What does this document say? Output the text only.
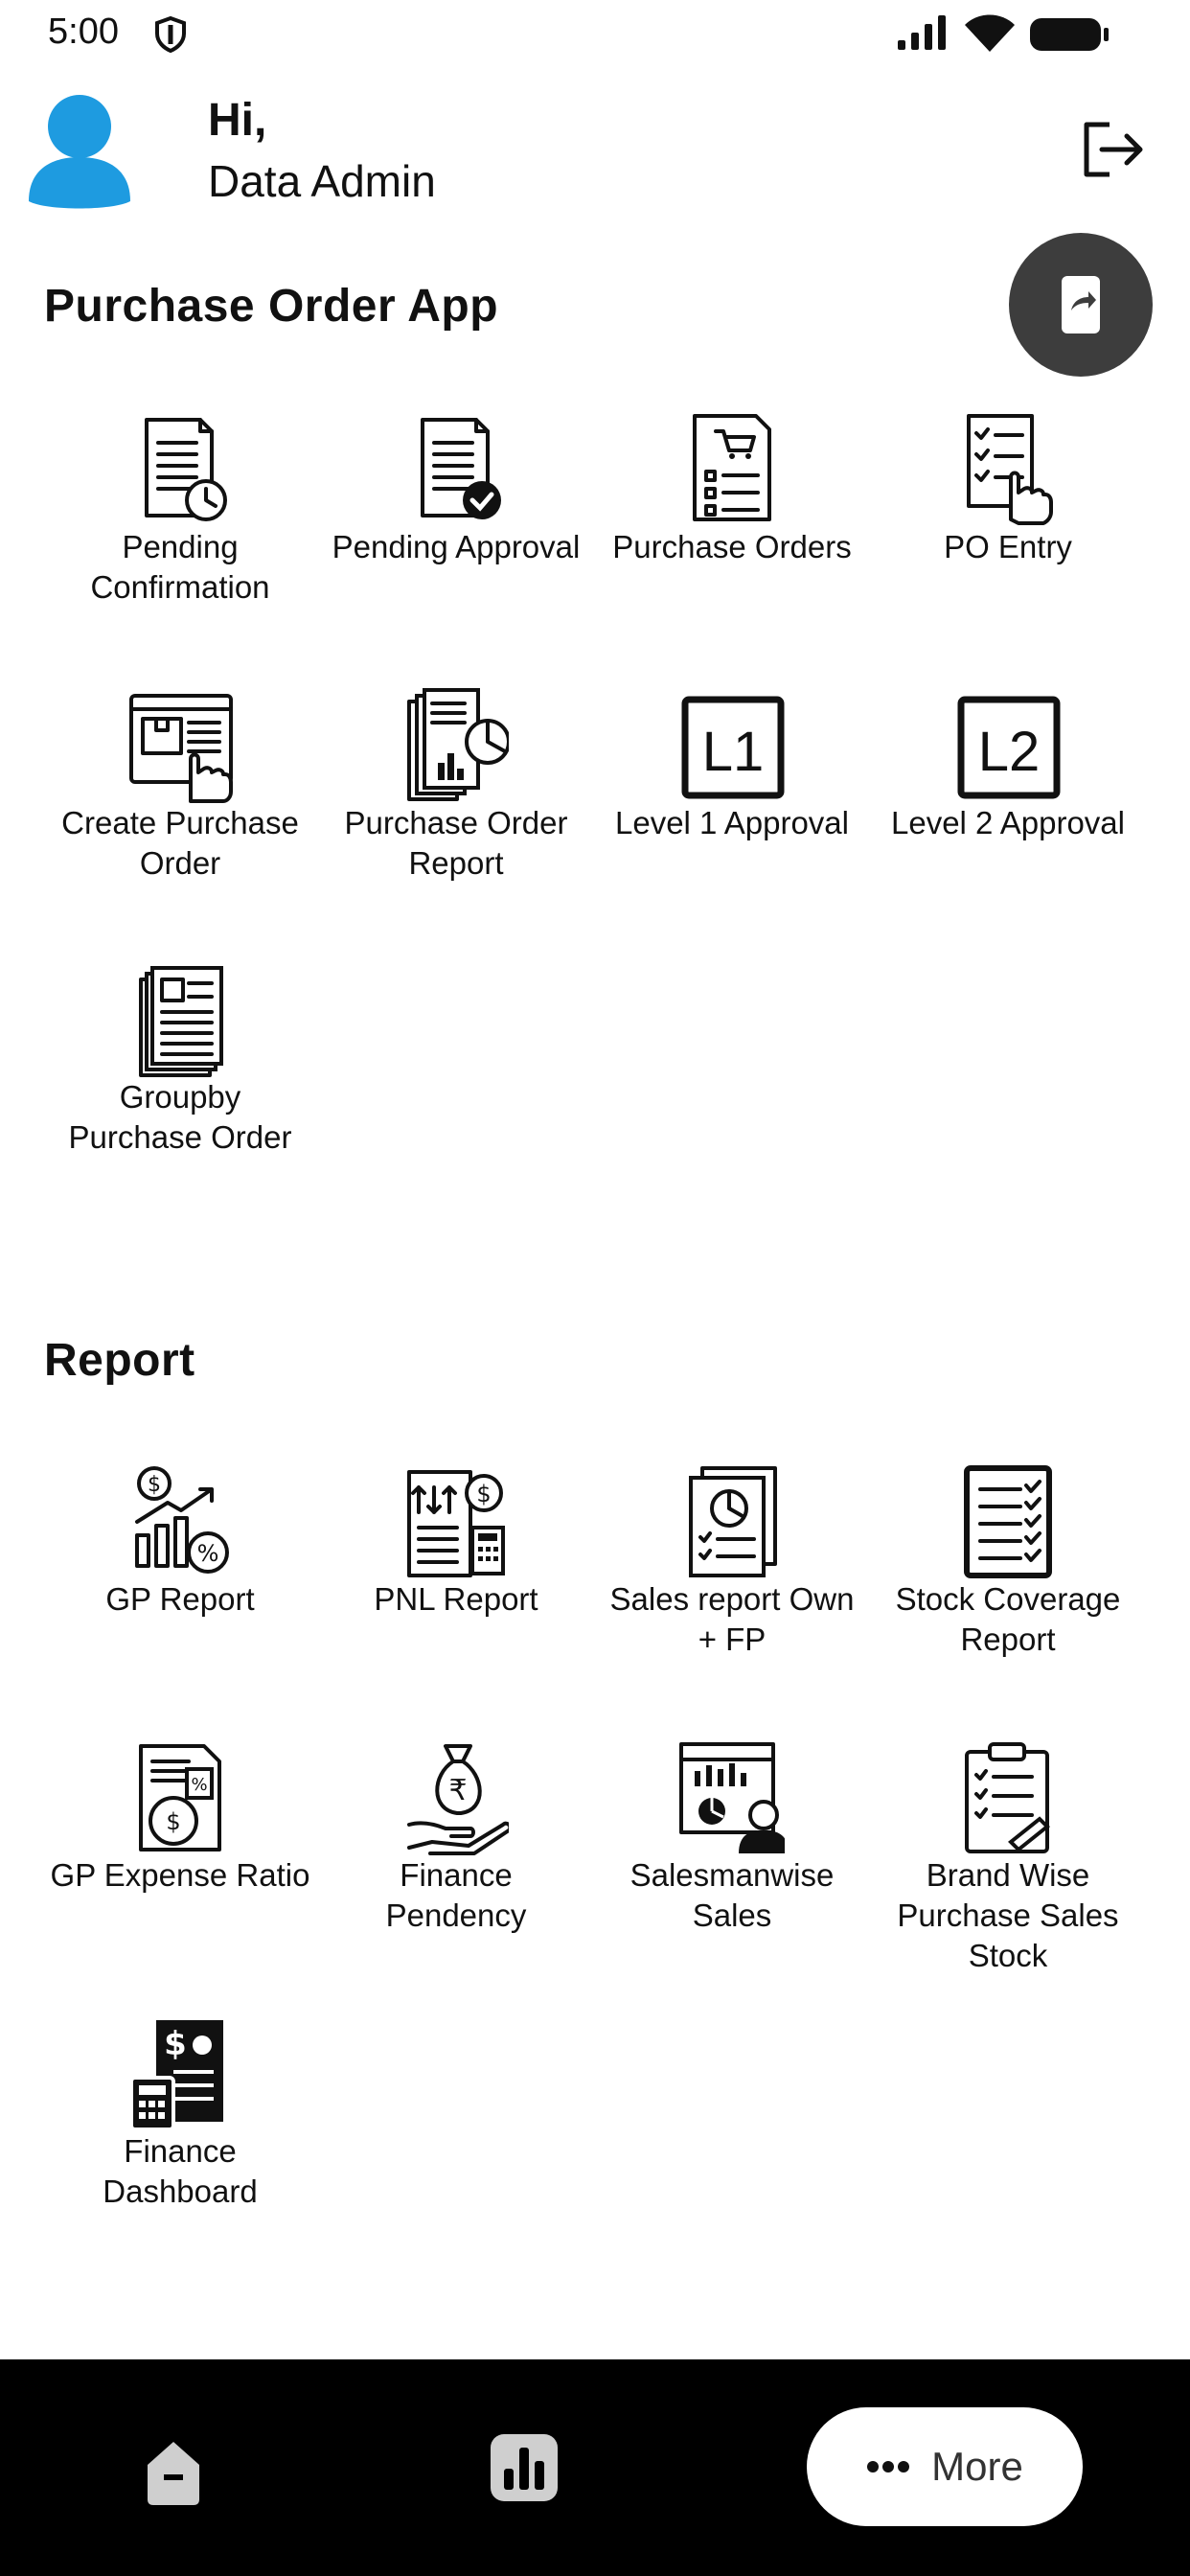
5:00
Hi,
Data Admin
Purchase Order App
Pending
Confirmation
Pending Approval	Purchase Orders	PO Entry
Create Purchase
Order
Purchase Order
Report
L1
Level 1 Approval
L2
Level 2 Approval
Groupby
Purchase Order
Report
$
%
GP Report
$
PNL Report	Sales report Own
+ FP
Stock Coverage
Report
$
%
GP Expense Ratio
₹
Finance
Pendency
Salesmanwise
Sales
Brand Wise
Purchase Sales
Stock
$
Finance
Dashboard
More
